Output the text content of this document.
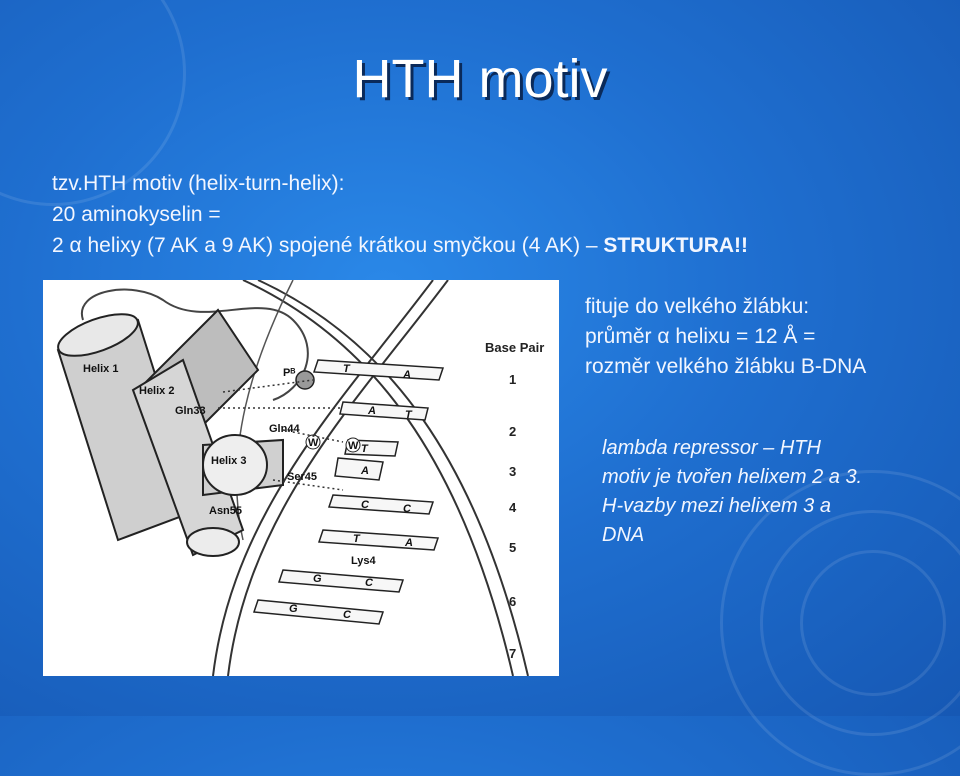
HTH motiv
tzv.HTH motiv (helix-turn-helix):
20 aminokyselin =
2 α helixy (7 AK a 9 AK) spojené krátkou smyčkou (4 AK) – STRUKTURA!!
T	A
A	T
T
A
C	C
T	A
G	C
G	C
Helix 1
Helix 2
Gln33
Gln44
Helix 3
Ser45
Asn55
Lys4
Pᴮ
W	W
Base Pair
1
2
3
4
5
6
7
fituje do velkého žlábku:
průměr α helixu = 12 Å =
rozměr velkého žlábku B-DNA
lambda repressor – HTH
motiv je tvořen helixem 2 a 3.
H-vazby mezi helixem 3 a
DNA
